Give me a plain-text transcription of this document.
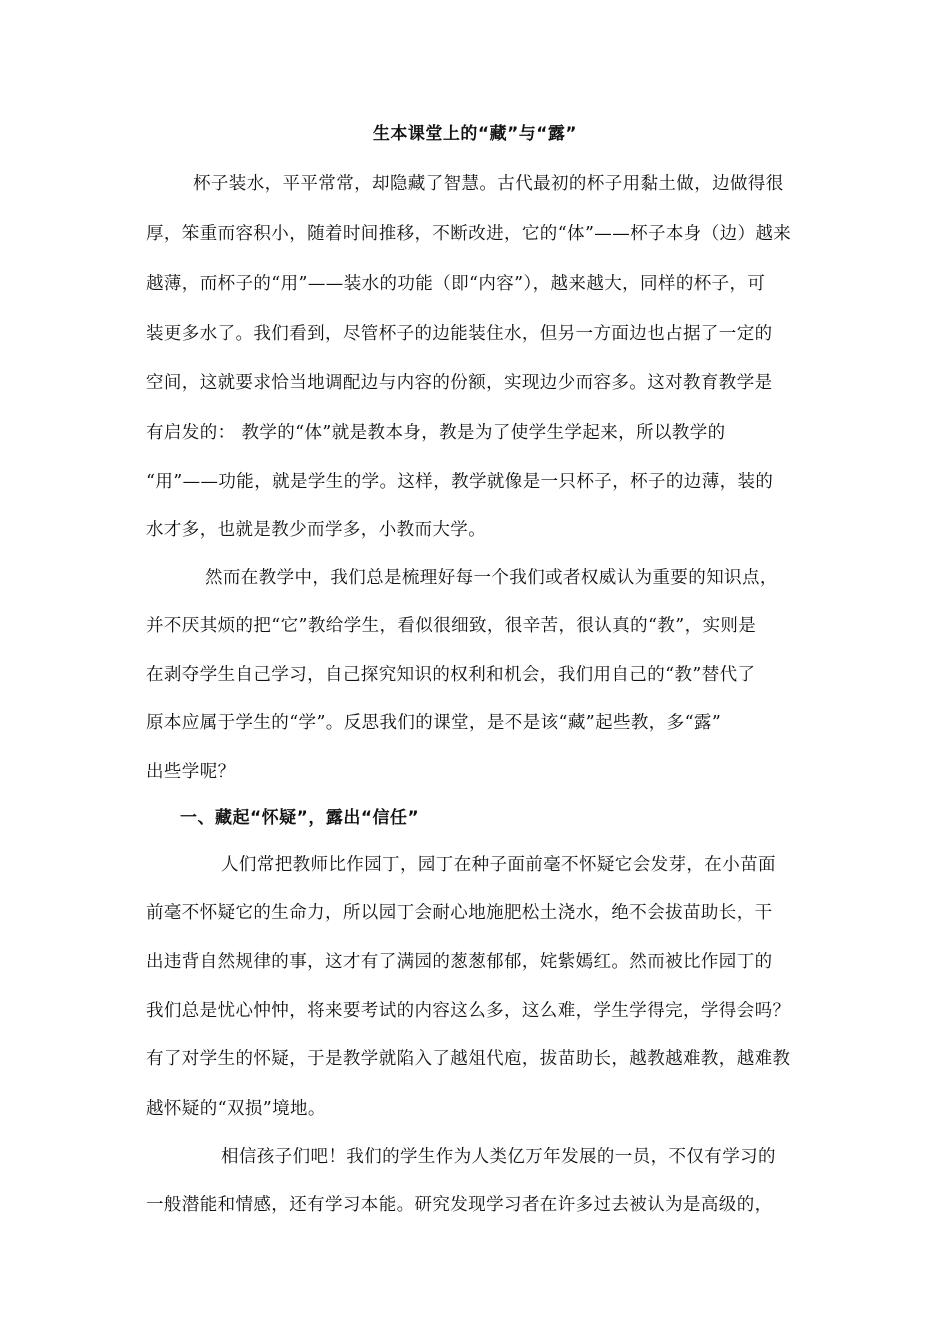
生本课堂上的“藏”与“露”
杯子装水，平平常常，却隐藏了智慧。古代最初的杯子用黏土做，边做得很
厚，笨重而容积小，随着时间推移，不断改进，它的“体”——杯子本身（边）越来
越薄，而杯子的“用”——装水的功能（即“内容”），越来越大，同样的杯子，可
装更多水了。我们看到，尽管杯子的边能装住水，但另一方面边也占据了一定的
空间，这就要求恰当地调配边与内容的份额，实现边少而容多。这对教育教学是
有启发的： 教学的“体”就是教本身，教是为了使学生学起来，所以教学的
“用”——功能，就是学生的学。这样，教学就像是一只杯子，杯子的边薄，装的
水才多，也就是教少而学多，小教而大学。
然而在教学中，我们总是梳理好每一个我们或者权威认为重要的知识点，
并不厌其烦的把“它”教给学生，看似很细致，很辛苦，很认真的“教”，实则是
在剥夺学生自己学习，自己探究知识的权利和机会，我们用自己的“教”替代了
原本应属于学生的“学”。反思我们的课堂，是不是该“藏”起些教，多“露”
出些学呢？
一、藏起“怀疑”，露出“信任”
人们常把教师比作园丁，园丁在种子面前毫不怀疑它会发芽，在小苗面
前毫不怀疑它的生命力，所以园丁会耐心地施肥松土浇水，绝不会拔苗助长，干
出违背自然规律的事，这才有了满园的葱葱郁郁，姹紫嫣红。然而被比作园丁的
我们总是忧心忡忡，将来要考试的内容这么多，这么难，学生学得完，学得会吗？
有了对学生的怀疑，于是教学就陷入了越俎代庖，拔苗助长，越教越难教，越难教
越怀疑的“双损”境地。
相信孩子们吧！我们的学生作为人类亿万年发展的一员，不仅有学习的
一般潜能和情感，还有学习本能。研究发现学习者在许多过去被认为是高级的，
